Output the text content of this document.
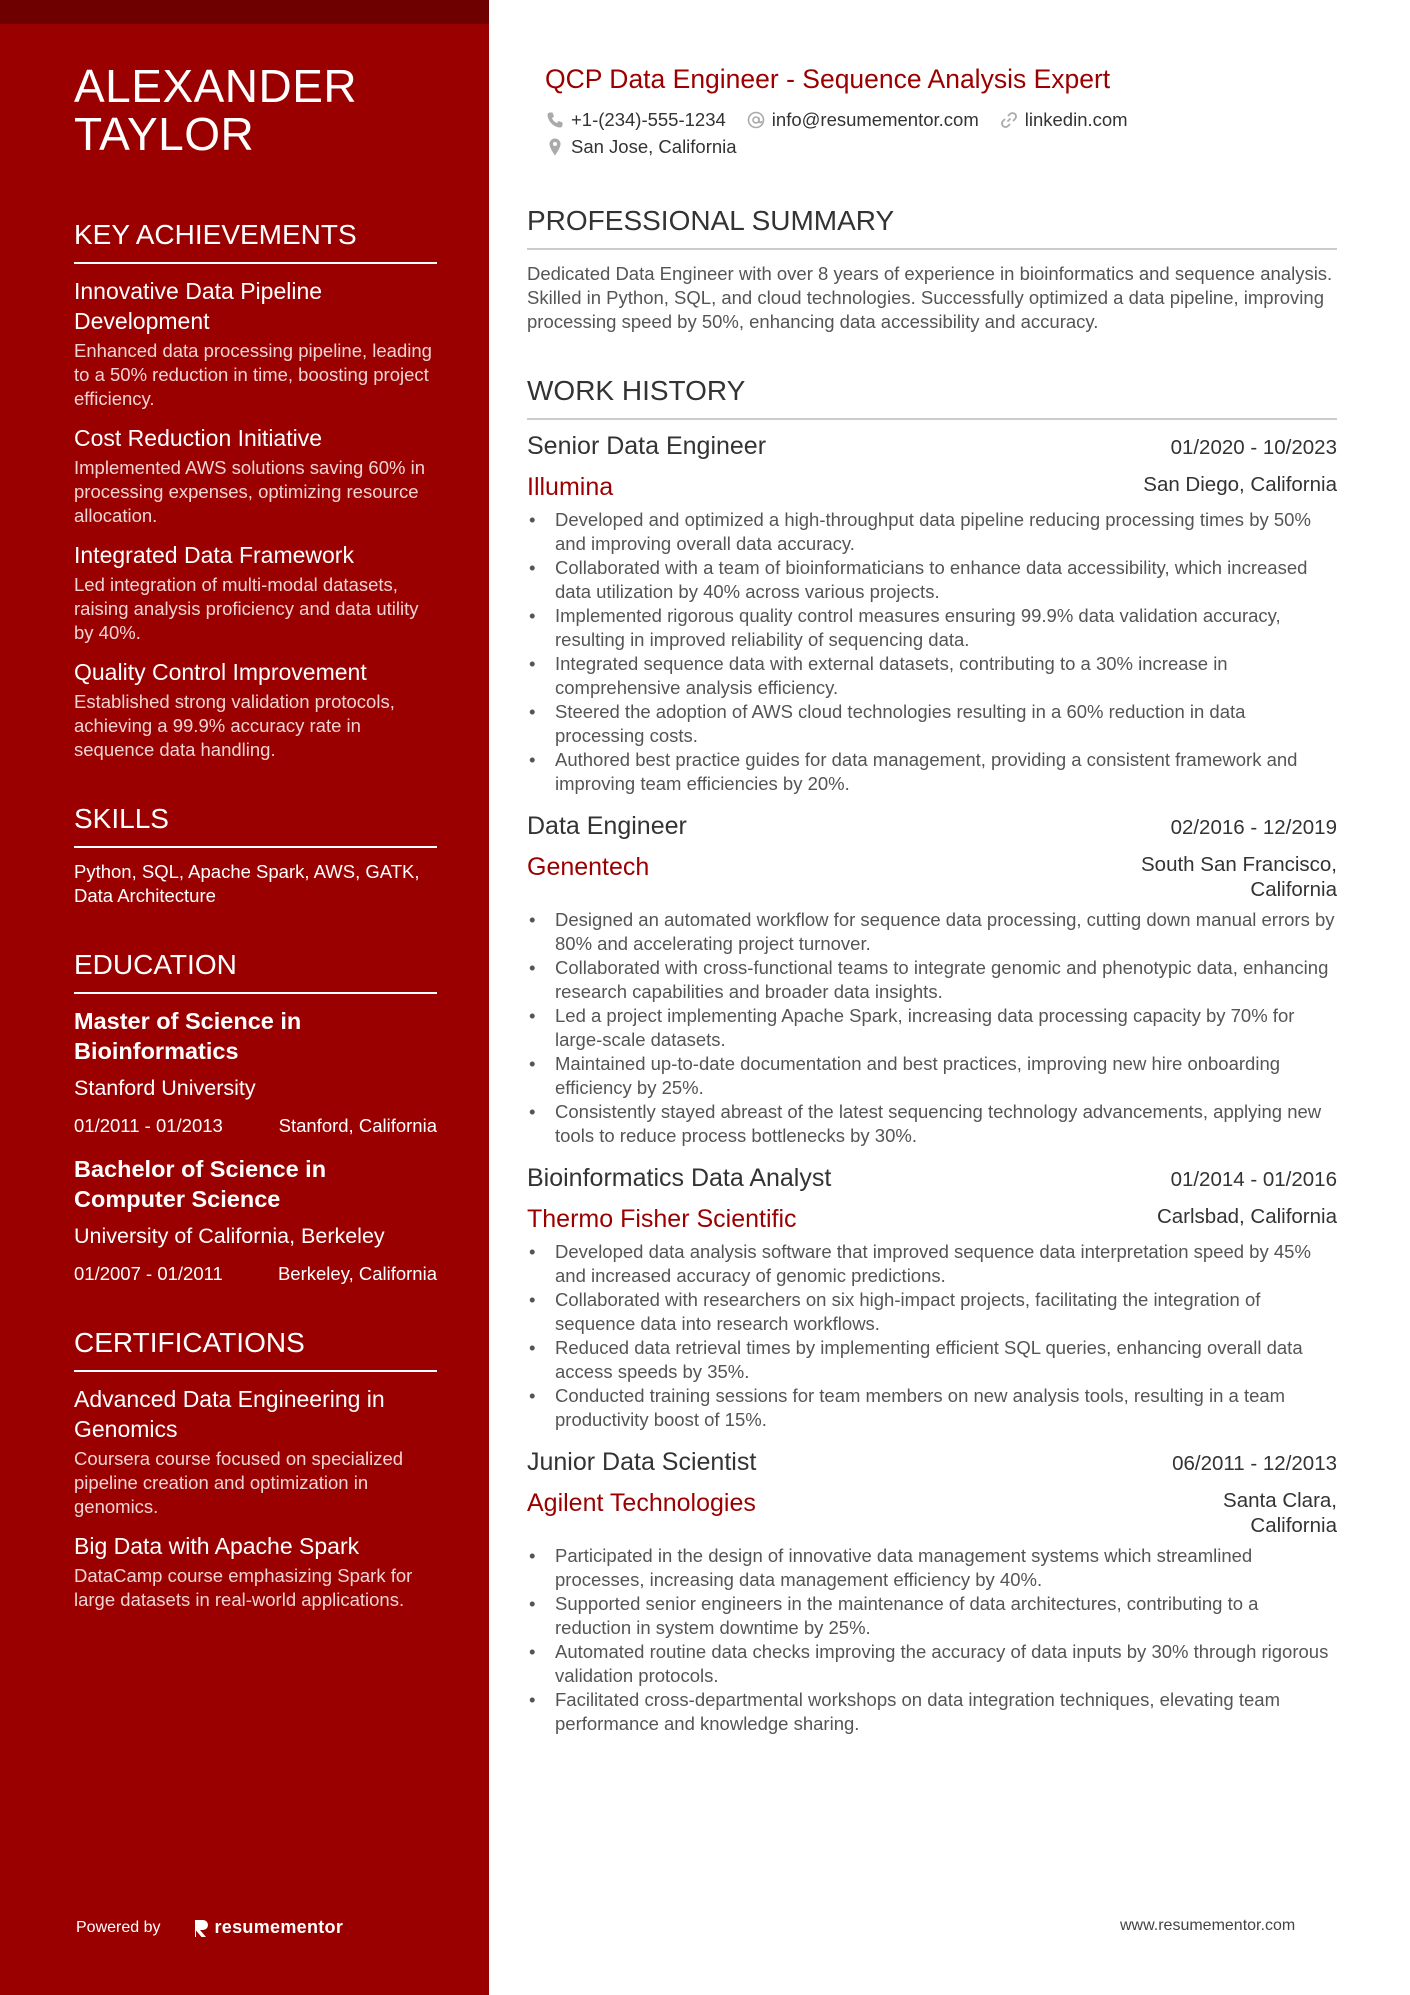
ALEXANDER
TAYLOR
KEY ACHIEVEMENTS
Innovative Data Pipeline Development
Enhanced data processing pipeline, leading to a 50% reduction in time, boosting project efficiency.
Cost Reduction Initiative
Implemented AWS solutions saving 60% in processing expenses, optimizing resource allocation.
Integrated Data Framework
Led integration of multi-modal datasets, raising analysis proficiency and data utility by 40%.
Quality Control Improvement
Established strong validation protocols, achieving a 99.9% accuracy rate in sequence data handling.
SKILLS
Python, SQL, Apache Spark, AWS, GATK, Data Architecture
EDUCATION
Master of Science in Bioinformatics
Stanford University
01/2011 - 01/2013	Stanford, California
Bachelor of Science in Computer Science
University of California, Berkeley
01/2007 - 01/2011	Berkeley, California
CERTIFICATIONS
Advanced Data Engineering in Genomics
Coursera course focused on specialized pipeline creation and optimization in genomics.
Big Data with Apache Spark
DataCamp course emphasizing Spark for large datasets in real-world applications.
Powered by	resumementor
QCP Data Engineer - Sequence Analysis Expert
+1-(234)-555-1234 info@resumementor.com linkedin.com
San Jose, California
PROFESSIONAL SUMMARY

Dedicated Data Engineer with over 8 years of experience in bioinformatics and sequence analysis. Skilled in Python, SQL, and cloud technologies. Successfully optimized a data pipeline, improving processing speed by 50%, enhancing data accessibility and accuracy.

WORK HISTORY
Senior Data Engineer	01/2020 - 10/2023
Illumina	San Diego, California
• Developed and optimized a high-throughput data pipeline reducing processing times by 50% and improving overall data accuracy.
• Collaborated with a team of bioinformaticians to enhance data accessibility, which increased data utilization by 40% across various projects.
• Implemented rigorous quality control measures ensuring 99.9% data validation accuracy, resulting in improved reliability of sequencing data.
• Integrated sequence data with external datasets, contributing to a 30% increase in comprehensive analysis efficiency.
• Steered the adoption of AWS cloud technologies resulting in a 60% reduction in data processing costs.
• Authored best practice guides for data management, providing a consistent framework and improving team efficiencies by 20%.
Data Engineer	02/2016 - 12/2019
Genentech	South San Francisco, California
• Designed an automated workflow for sequence data processing, cutting down manual errors by 80% and accelerating project turnover.
• Collaborated with cross-functional teams to integrate genomic and phenotypic data, enhancing research capabilities and broader data insights.
• Led a project implementing Apache Spark, increasing data processing capacity by 70% for large-scale datasets.
• Maintained up-to-date documentation and best practices, improving new hire onboarding efficiency by 25%.
• Consistently stayed abreast of the latest sequencing technology advancements, applying new tools to reduce process bottlenecks by 30%.
Bioinformatics Data Analyst	01/2014 - 01/2016
Thermo Fisher Scientific	Carlsbad, California
• Developed data analysis software that improved sequence data interpretation speed by 45% and increased accuracy of genomic predictions.
• Collaborated with researchers on six high-impact projects, facilitating the integration of sequence data into research workflows.
• Reduced data retrieval times by implementing efficient SQL queries, enhancing overall data access speeds by 35%.
• Conducted training sessions for team members on new analysis tools, resulting in a team productivity boost of 15%.
Junior Data Scientist	06/2011 - 12/2013
Agilent Technologies	Santa Clara, California
• Participated in the design of innovative data management systems which streamlined processes, increasing data management efficiency by 40%.
• Supported senior engineers in the maintenance of data architectures, contributing to a reduction in system downtime by 25%.
• Automated routine data checks improving the accuracy of data inputs by 30% through rigorous validation protocols.
• Facilitated cross-departmental workshops on data integration techniques, elevating team performance and knowledge sharing.
www.resumementor.com
